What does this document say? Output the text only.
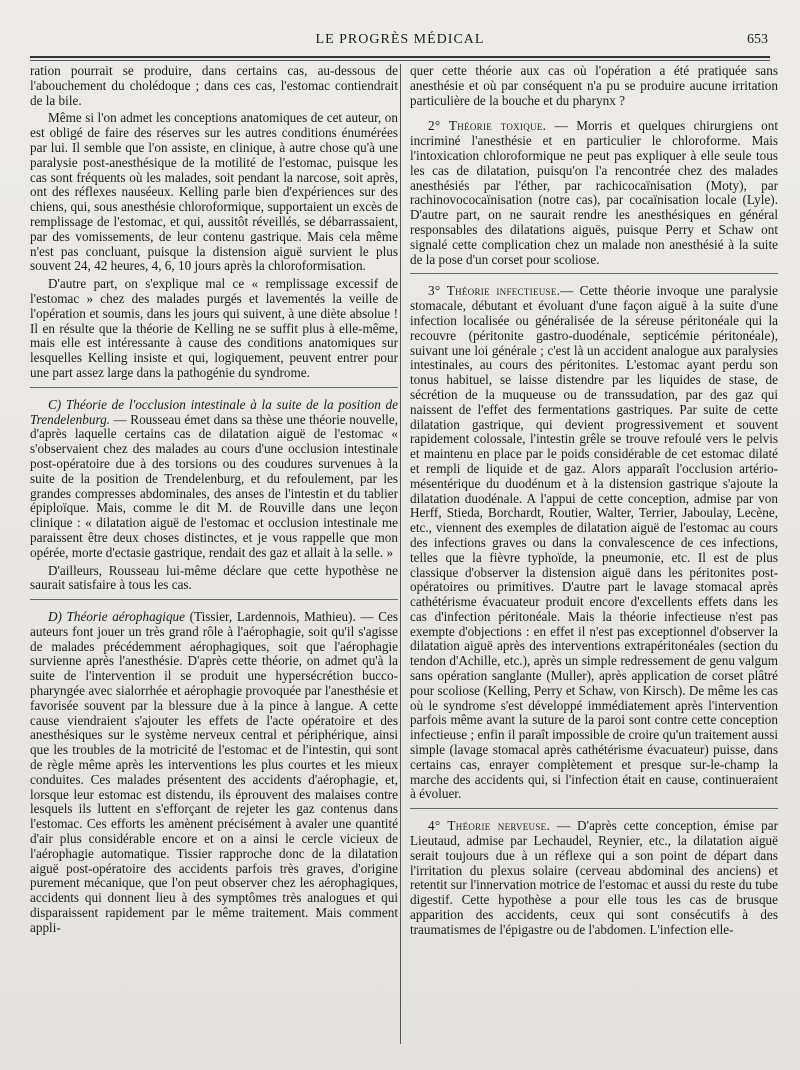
LE PROGRÈS MÉDICAL	653

ration pourrait se produire, dans certains cas, au-dessous de l'abouchement du cholédoque ; dans ces cas, l'estomac contiendrait de la bile.

Même si l'on admet les conceptions anatomiques de cet auteur, on est obligé de faire des réserves sur les autres conditions énumérées par lui. Il semble que l'on assiste, en clinique, à autre chose qu'à une paralysie post-anesthésique de la motilité de l'estomac, puisque les cas sont fréquents où les malades, soit pendant la narcose, soit après, ont des réflexes nauséeux. Kelling parle bien d'expériences sur des chiens, qui, sous anesthésie chloroformique, supportaient un excès de remplissage de l'estomac, et qui, aussitôt réveillés, se débarrassaient, par des vomissements, de leur contenu gastrique. Mais cela même n'est pas concluant, puisque la distension aiguë survient le plus souvent 24, 42 heures, 4, 6, 10 jours après la chloroformisation.

D'autre part, on s'explique mal ce « remplissage excessif de l'estomac » chez des malades purgés et lavementés la veille de l'opération et soumis, dans les jours qui suivent, à une diète absolue ! Il en résulte que la théorie de Kelling ne se suffit plus à elle-même, mais elle est intéressante à cause des conditions anatomiques sur lesquelles Kelling insiste et qui, logiquement, peuvent entrer pour une part assez large dans la pathogénie du syndrome.

C) Théorie de l'occlusion intestinale à la suite de la position de Trendelenburg. — Rousseau émet dans sa thèse une théorie nouvelle, d'après laquelle certains cas de dilatation aiguë de l'estomac « s'observaient chez des malades au cours d'une occlusion intestinale post-opératoire due à des torsions ou des coudures survenues à la suite de la position de Trendelenburg, et du refoulement, par les grandes compresses abdominales, des anses de l'intestin et du tablier épiploïque. Mais, comme le dit M. de Rouville dans une leçon clinique : « dilatation aiguë de l'estomac et occlusion intestinale me paraissent être deux choses distinctes, et je vous rappelle que mon opérée, morte d'ectasie gastrique, rendait des gaz et allait à la selle. »

D'ailleurs, Rousseau lui-même déclare que cette hypothèse ne saurait satisfaire à tous les cas.

D) Théorie aérophagique (Tissier, Lardennois, Mathieu). — Ces auteurs font jouer un très grand rôle à l'aérophagie, soit qu'il s'agisse de malades précédemment aérophagiques, soit que l'aérophagie survienne après l'anesthésie. D'après cette théorie, on admet qu'à la suite de l'intervention il se produit une hypersécrétion bucco-pharyngée avec sialorrhée et aérophagie provoquée par l'anesthésie et favorisée souvent par la blessure due à la pince à langue. A cette cause viendraient s'ajouter les effets de l'acte opératoire et des anesthésiques sur le système nerveux central et périphérique, ainsi que les troubles de la motricité de l'estomac et de l'intestin, qui sont de règle même après les interventions les plus courtes et les mieux conduites. Ces malades présentent des accidents d'aérophagie, et, lorsque leur estomac est distendu, ils éprouvent des malaises contre lesquels ils luttent en s'efforçant de rejeter les gaz contenus dans l'estomac. Ces efforts les amènent précisément à avaler une quantité d'air plus considérable encore et on a ainsi le cercle vicieux de l'aérophagie automatique. Tissier rapproche donc de la dilatation aiguë post-opératoire des accidents parfois très graves, d'origine purement mécanique, que l'on peut observer chez les aérophagiques, accidents qui donnent lieu à des symptômes très analogues et qui disparaissent rapidement par le même traitement. Mais comment appli-

quer cette théorie aux cas où l'opération a été pratiquée sans anesthésie et où par conséquent n'a pu se produire aucune irritation particulière de la bouche et du pharynx ?

2° Théorie toxique. — Morris et quelques chirurgiens ont incriminé l'anesthésie et en particulier le chloroforme. Mais l'intoxication chloroformique ne peut pas expliquer à elle seule tous les cas de dilatation, puisqu'on l'a rencontrée chez des malades anesthésiés par l'éther, par rachicocaïnisation (Moty), par rachinovococaïnisation (notre cas), par cocaïnisation locale (Lyle). D'autre part, on ne saurait rendre les anesthésiques en général responsables des dilatations aiguës, puisque Perry et Schaw ont signalé cette complication chez un malade non anesthésié à la suite de la pose d'un corset pour scoliose.

3° Théorie infectieuse.— Cette théorie invoque une paralysie stomacale, débutant et évoluant d'une façon aiguë à la suite d'une infection localisée ou généralisée de la séreuse péritonéale qui la recouvre (péritonite gastro-duodénale, septicémie péritonéale), suivant une loi générale ; c'est là un accident analogue aux paralysies intestinales, au cours des péritonites. L'estomac ayant perdu son tonus habituel, se laisse distendre par les liquides de stase, de sécrétion de la muqueuse ou de transsudation, par des gaz qui naissent de l'effet des fermentations gastriques. Par suite de cette dilatation gastrique, qui devient progressivement et souvent rapidement colossale, l'intestin grêle se trouve refoulé vers le pelvis et maintenu en place par le poids considérable de cet estomac dilaté et rempli de liquide et de gaz. Alors apparaît l'occlusion artério-mésentérique du duodénum et à la distension gastrique s'ajoute la dilatation duodénale. A l'appui de cette conception, admise par von Herff, Stieda, Borchardt, Routier, Walter, Terrier, Jaboulay, Lecène, etc., viennent des exemples de dilatation aiguë de l'estomac au cours des infections graves ou dans la convalescence de ces infections, telles que la fièvre typhoïde, la pneumonie, etc. Il est de plus classique d'observer la distension aiguë dans les péritonites post-opératoires ou primitives. D'autre part le lavage stomacal après cathétérisme évacuateur produit encore d'excellents effets dans les cas d'infection péritonéale. Mais la théorie infectieuse n'est pas exempte d'objections : en effet il n'est pas exceptionnel d'observer la dilatation aiguë après des interventions extrapéritonéales (section du tendon d'Achille, etc.), après un simple redressement de genu valgum sans opération sanglante (Muller), après application de corset plâtré pour scoliose (Kelling, Perry et Schaw, von Kirsch). De même les cas où le syndrome s'est développé immédiatement après l'intervention parfois même avant la suture de la paroi sont contre cette conception infectieuse ; enfin il paraît impossible de croire qu'un traitement aussi simple (lavage stomacal après cathétérisme évacuateur) puisse, dans certains cas, enrayer complètement et presque sur-le-champ la marche des accidents qui, si l'infection était en cause, continueraient à évoluer.

4° Théorie nerveuse. — D'après cette conception, émise par Lieutaud, admise par Lechaudel, Reynier, etc., la dilatation aiguë serait toujours due à un réflexe qui a son point de départ dans l'irritation du plexus solaire (cerveau abdominal des anciens) et retentit sur l'innervation motrice de l'estomac et aussi du reste du tube digestif. Cette hypothèse a pour elle tous les cas de brusque apparition des accidents, ceux qui sont consécutifs à des traumatismes de l'épigastre ou de l'abdomen. L'infection elle-
